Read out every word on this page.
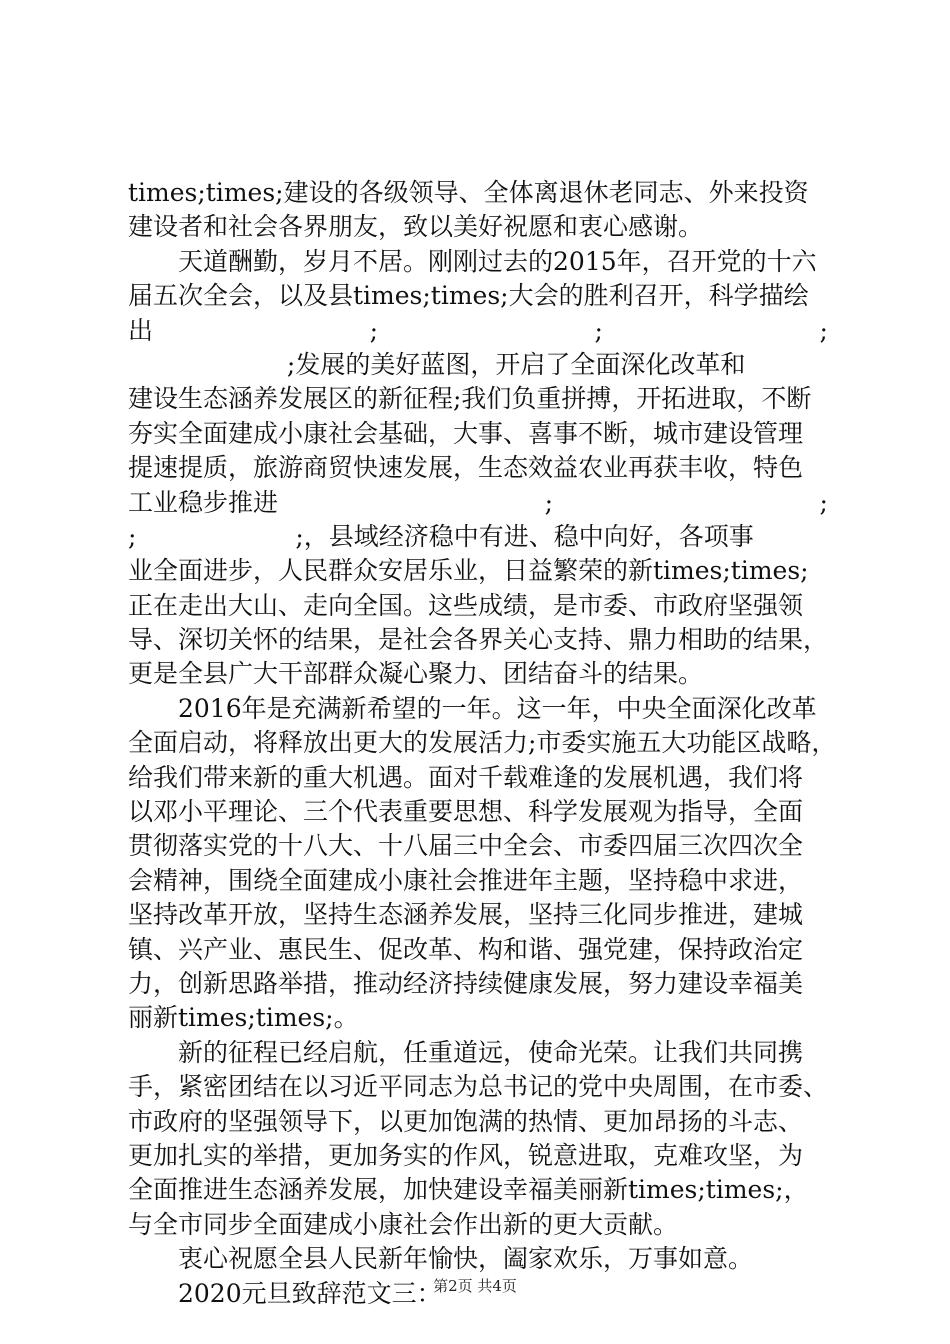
times;times;建设的各级领导、全体离退休老同志、外来投资
建设者和社会各界朋友，致以美好祝愿和衷心感谢。
天道酬勤，岁月不居。刚刚过去的2015年，召开党的十六
届五次全会，以及县times;times;大会的胜利召开，科学描绘
出	;	;	;
;发展的美好蓝图，开启了全面深化改革和
建设生态涵养发展区的新征程;我们负重拼搏，开拓进取，不断
夯实全面建成小康社会基础，大事、喜事不断，城市建设管理
提速提质，旅游商贸快速发展，生态效益农业再获丰收，特色
工业稳步推进	;	;
;                    ;，县域经济稳中有进、稳中向好，各项事
业全面进步，人民群众安居乐业，日益繁荣的新times;times;
正在走出大山、走向全国。这些成绩，是市委、市政府坚强领
导、深切关怀的结果，是社会各界关心支持、鼎力相助的结果，
更是全县广大干部群众凝心聚力、团结奋斗的结果。
2016年是充满新希望的一年。这一年，中央全面深化改革
全面启动，将释放出更大的发展活力;市委实施五大功能区战略，
给我们带来新的重大机遇。面对千载难逢的发展机遇，我们将
以邓小平理论、三个代表重要思想、科学发展观为指导，全面
贯彻落实党的十八大、十八届三中全会、市委四届三次四次全
会精神，围绕全面建成小康社会推进年主题，坚持稳中求进，
坚持改革开放，坚持生态涵养发展，坚持三化同步推进，建城
镇、兴产业、惠民生、促改革、构和谐、强党建，保持政治定
力，创新思路举措，推动经济持续健康发展，努力建设幸福美
丽新times;times;。
新的征程已经启航，任重道远，使命光荣。让我们共同携
手，紧密团结在以习近平同志为总书记的党中央周围，在市委、
市政府的坚强领导下，以更加饱满的热情、更加昂扬的斗志、
更加扎实的举措，更加务实的作风，锐意进取，克难攻坚，为
全面推进生态涵养发展，加快建设幸福美丽新times;times;，
与全市同步全面建成小康社会作出新的更大贡献。
衷心祝愿全县人民新年愉快，阖家欢乐，万事如意。
2020元旦致辞范文三：
第2页 共4页
